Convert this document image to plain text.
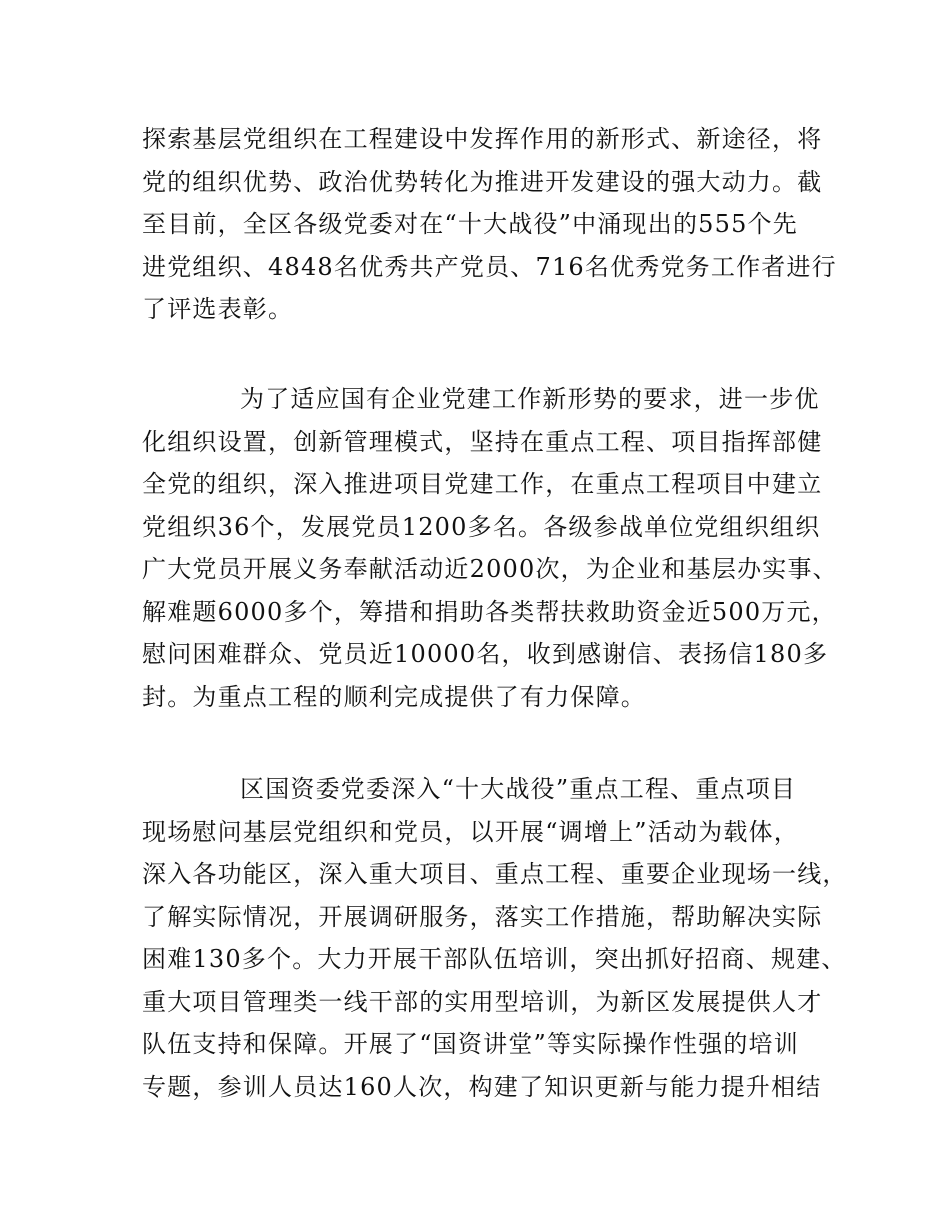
探索基层党组织在工程建设中发挥作用的新形式、新途径，将
党的组织优势、政治优势转化为推进开发建设的强大动力。截
至目前，全区各级党委对在“十大战役”中涌现出的555个先
进党组织、4848名优秀共产党员、716名优秀党务工作者进行
了评选表彰。
为了适应国有企业党建工作新形势的要求，进一步优
化组织设置，创新管理模式，坚持在重点工程、项目指挥部健
全党的组织，深入推进项目党建工作，在重点工程项目中建立
党组织36个，发展党员1200多名。各级参战单位党组织组织
广大党员开展义务奉献活动近2000次，为企业和基层办实事、
解难题6000多个，筹措和捐助各类帮扶救助资金近500万元，
慰问困难群众、党员近10000名，收到感谢信、表扬信180多
封。为重点工程的顺利完成提供了有力保障。
区国资委党委深入“十大战役”重点工程、重点项目
现场慰问基层党组织和党员，以开展“调增上”活动为载体，
深入各功能区，深入重大项目、重点工程、重要企业现场一线，
了解实际情况，开展调研服务，落实工作措施，帮助解决实际
困难130多个。大力开展干部队伍培训，突出抓好招商、规建、
重大项目管理类一线干部的实用型培训，为新区发展提供人才
队伍支持和保障。开展了“国资讲堂”等实际操作性强的培训
专题，参训人员达160人次，构建了知识更新与能力提升相结
